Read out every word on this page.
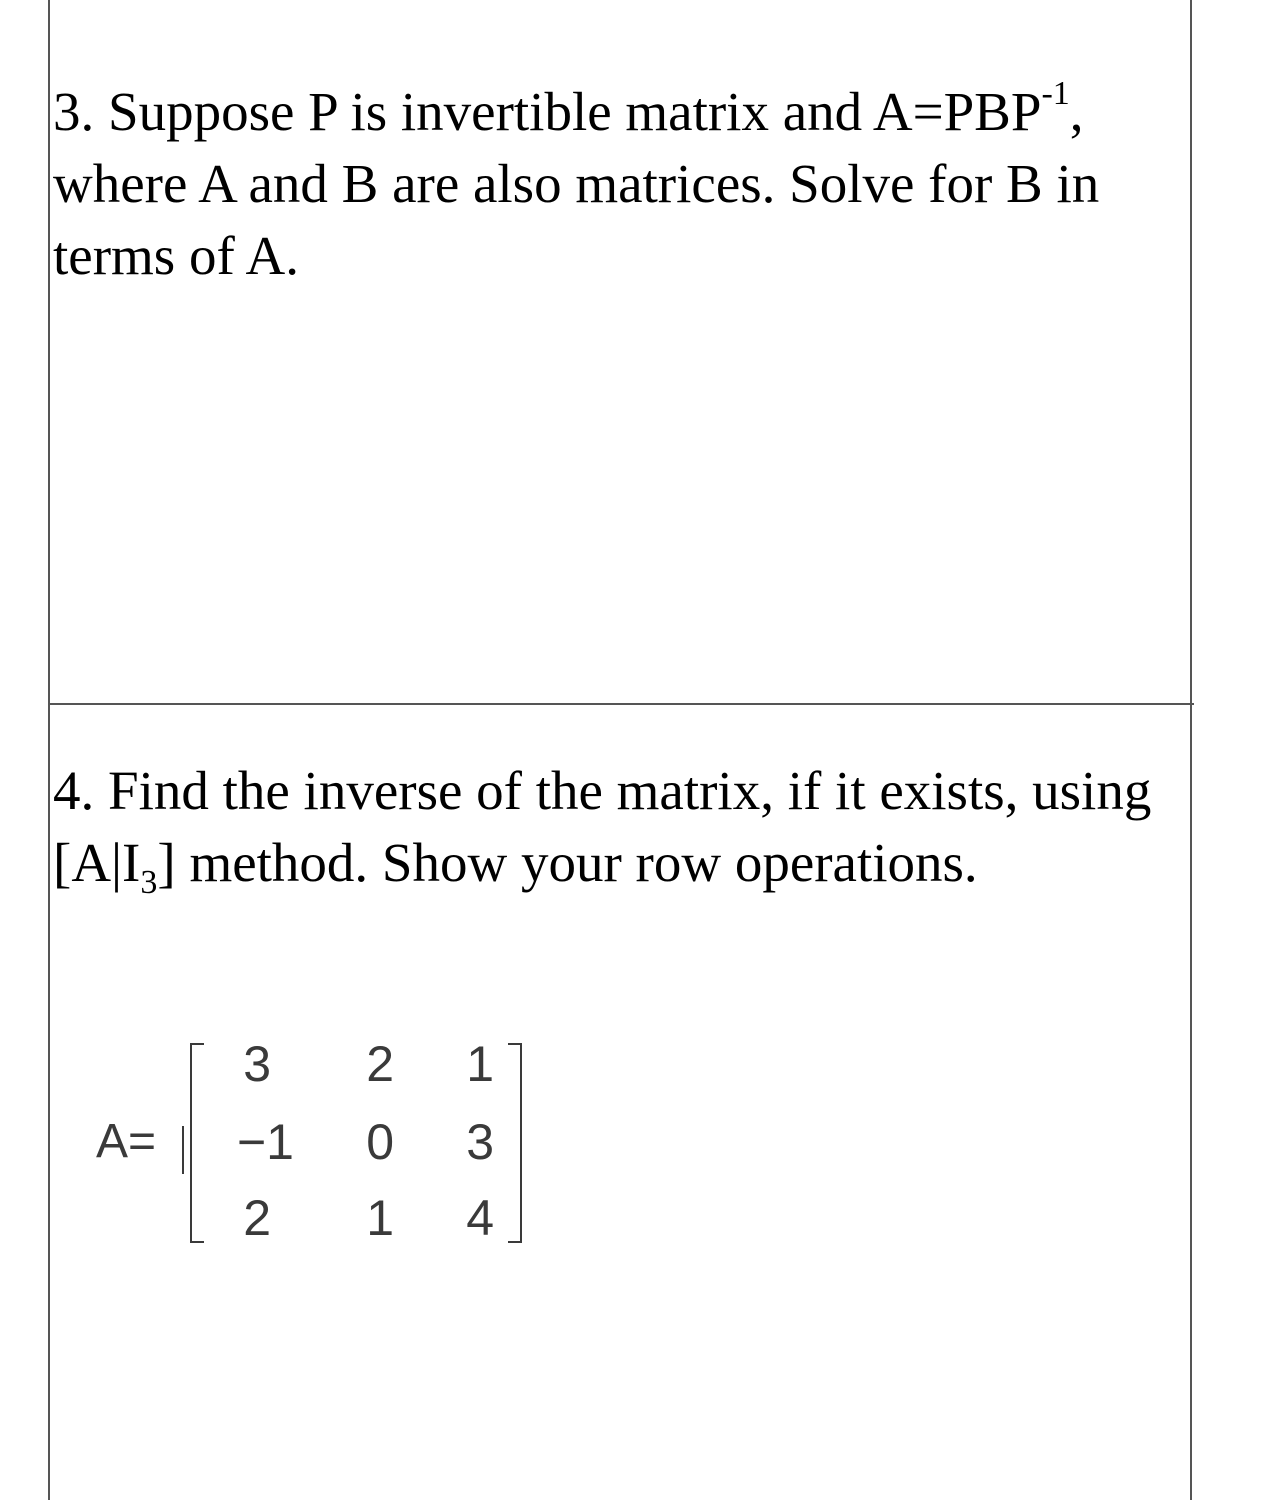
3. Suppose P is invertible matrix and $A=PBP^{-1}$,
where A and B are also matrices. Solve for B in
terms of A.
4. Find the inverse of the matrix, if it exists, using
$[A|I_3]$ method. Show your row operations.
A=
3	2	1
−1	0	3
2	1	4
